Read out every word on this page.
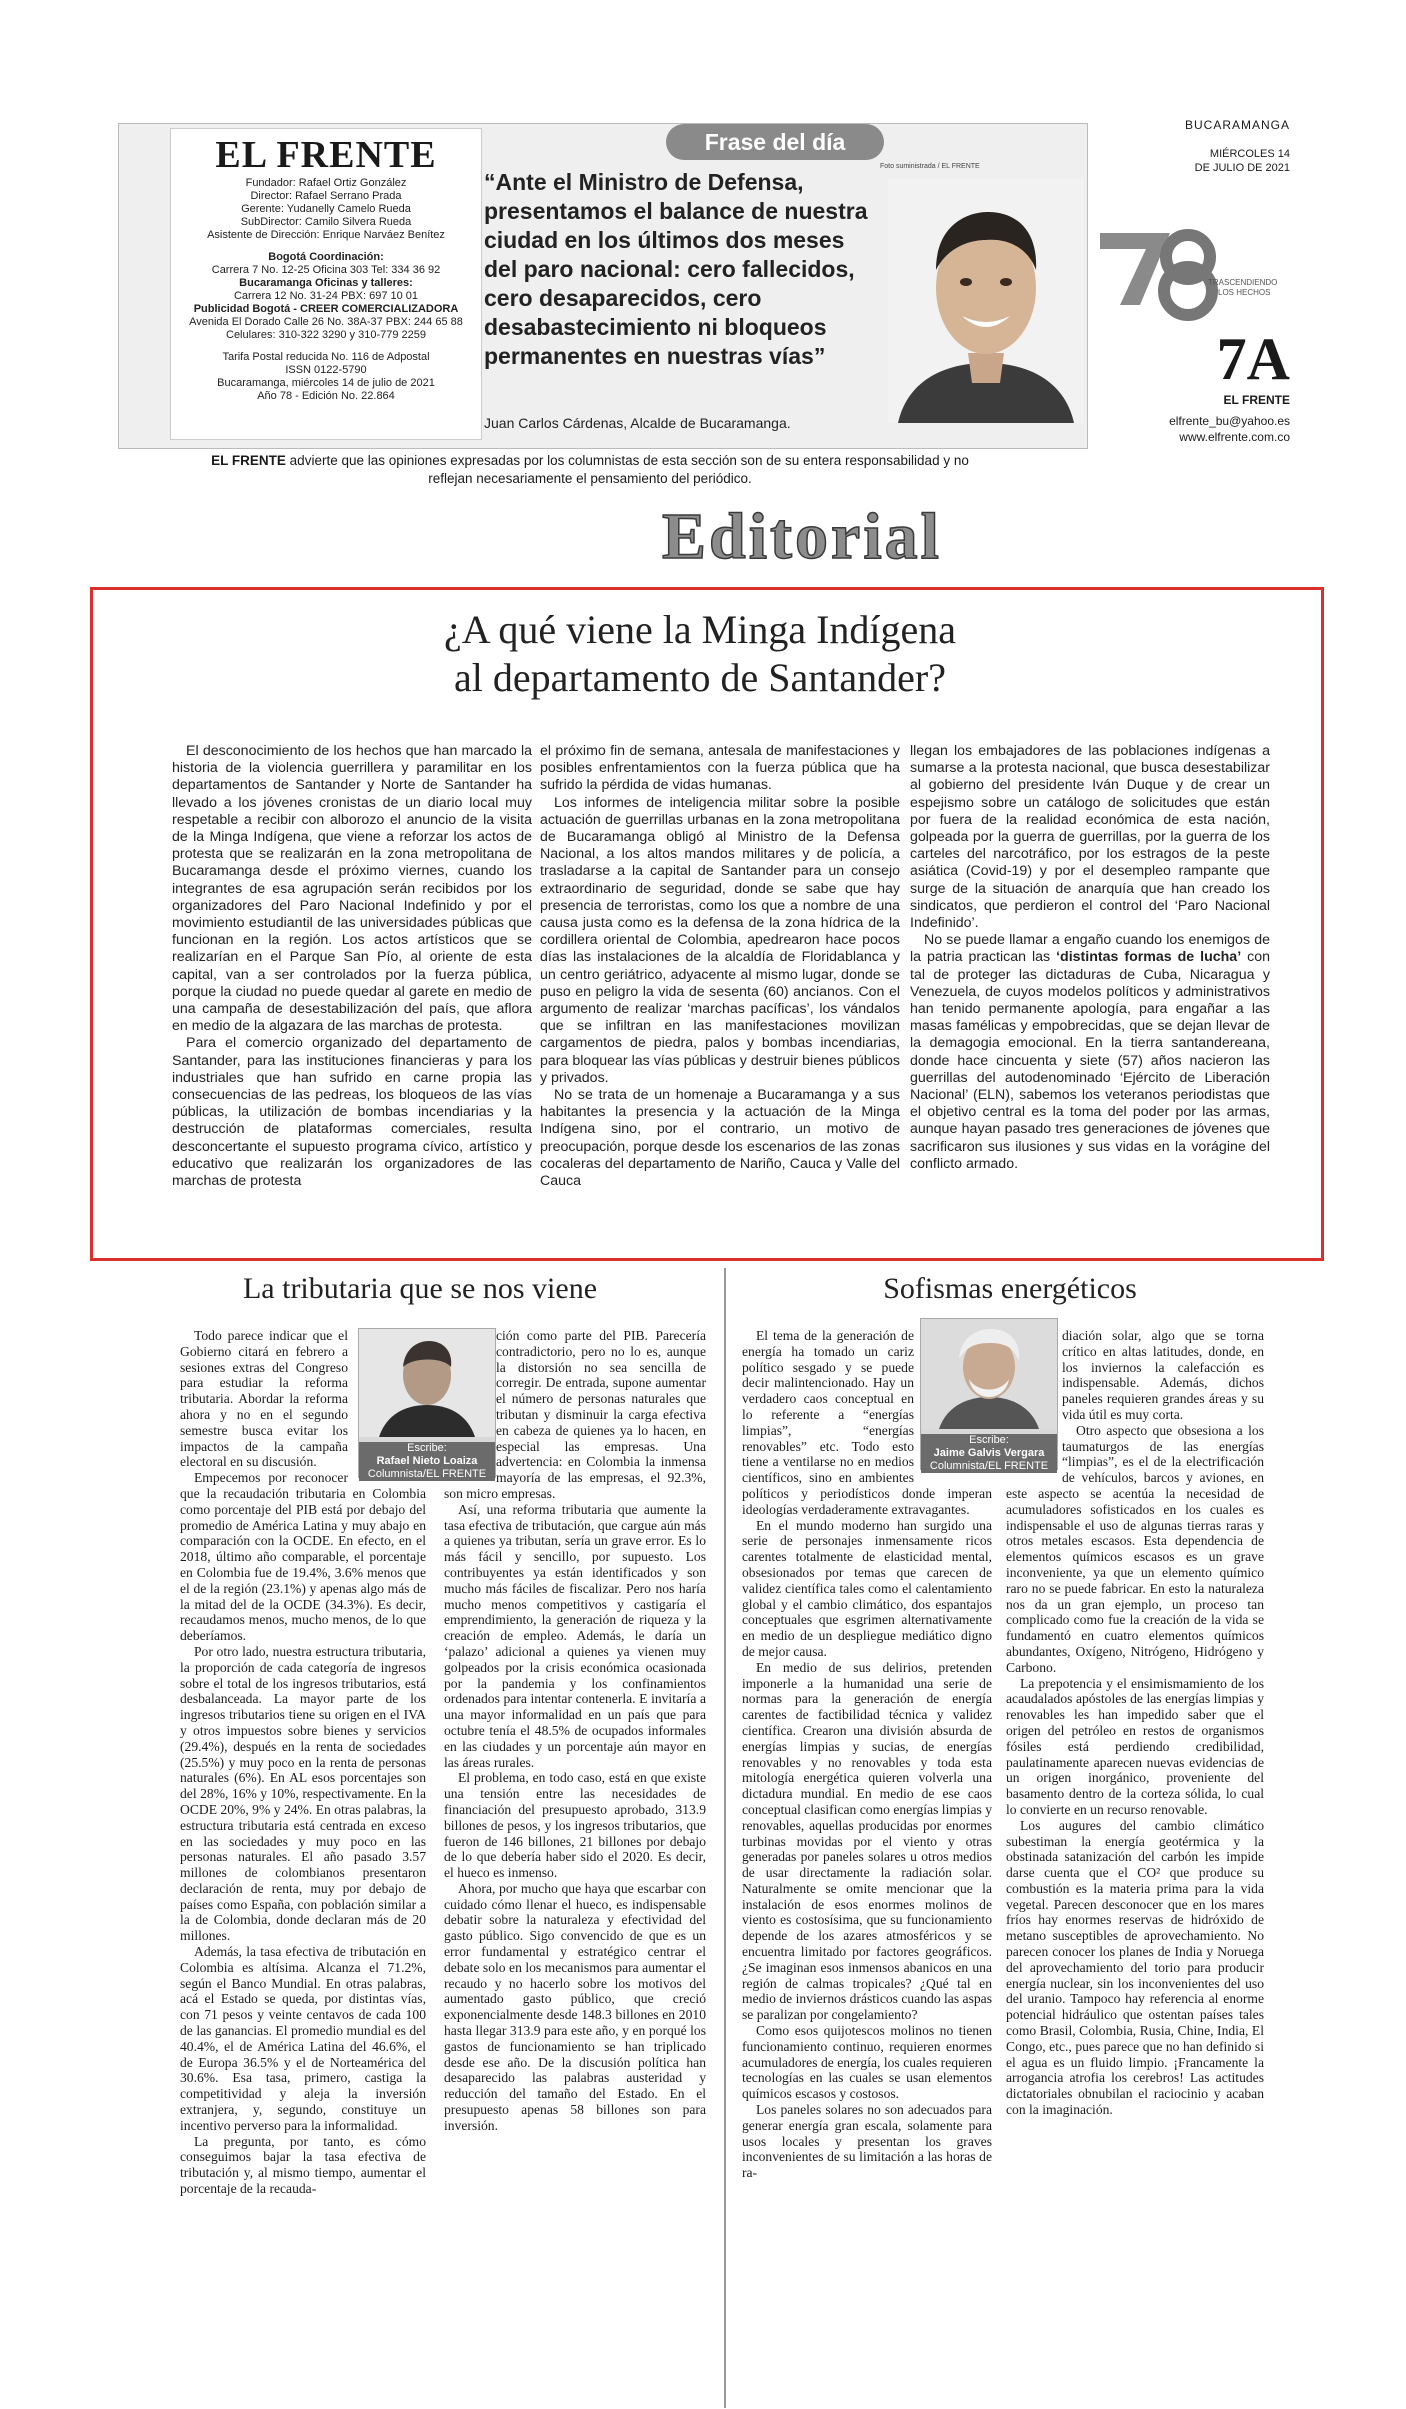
EL FRENTE

Fundador: Rafael Ortiz González

Director: Rafael Serrano Prada

Gerente: Yudanelly Camelo Rueda

SubDirector: Camilo Silvera Rueda

Asistente de Dirección: Enrique Narváez Benítez

Bogotá Coordinación:

Carrera 7 No. 12-25 Oficina 303 Tel: 334 36 92

Bucaramanga Oficinas y talleres:

Carrera 12 No. 31-24 PBX: 697 10 01

Publicidad Bogotá - CREER COMERCIALIZADORA

Avenida El Dorado Calle 26 No. 38A-37 PBX: 244 65 88

Celulares: 310-322 3290 y 310-779 2259

Tarifa Postal reducida No. 116 de Adpostal

ISSN 0122-5790

Bucaramanga, miércoles 14 de julio de 2021

Año 78 - Edición No. 22.864

Frase del día
Foto suministrada / EL FRENTE
“Ante el Ministro de Defensa, presentamos el balance de nuestra ciudad en los últimos dos meses del paro nacional: cero fallecidos, cero desaparecidos, cero desabastecimiento ni bloqueos permanentes en nuestras vías”
Juan Carlos Cárdenas, Alcalde de Bucaramanga.
BUCARAMANGA
MIÉRCOLES 14
DE JULIO DE 2021
TRASCENDIENDO
LOS HECHOS
7A
EL FRENTE
elfrente_bu@yahoo.es
www.elfrente.com.co
EL FRENTE advierte que las opiniones expresadas por los columnistas de esta sección son de su entera responsabilidad y no reflejan necesariamente el pensamiento del periódico.
Editorial
¿A qué viene la Minga Indígena
al departamento de Santander?

El desconocimiento de los hechos que han marcado la historia de la violencia guerrillera y paramilitar en los departamentos de Santander y Norte de Santander ha llevado a los jóvenes cronistas de un diario local muy respetable a recibir con alborozo el anuncio de la visita de la Minga Indígena, que viene a reforzar los actos de protesta que se realizarán en la zona metropolitana de Bucaramanga desde el próximo viernes, cuando los integrantes de esa agrupación serán recibidos por los organizadores del Paro Nacional Indefinido y por el movimiento estudiantil de las universidades públicas que funcionan en la región. Los actos artísticos que se realizarían en el Parque San Pío, al oriente de esta capital, van a ser controlados por la fuerza pública, porque la ciudad no puede quedar al garete en medio de una campaña de desestabilización del país, que aflora en medio de la algazara de las marchas de protesta.

Para el comercio organizado del departamento de Santander, para las instituciones financieras y para los industriales que han sufrido en carne propia las consecuencias de las pedreas, los bloqueos de las vías públicas, la utilización de bombas incendiarias y la destrucción de plataformas comerciales, resulta desconcertante el supuesto programa cívico, artístico y educativo que realizarán los organizadores de las marchas de protesta

el próximo fin de semana, antesala de manifestaciones y posibles enfrentamientos con la fuerza pública que ha sufrido la pérdida de vidas humanas.

Los informes de inteligencia militar sobre la posible actuación de guerrillas urbanas en la zona metropolitana de Bucaramanga obligó al Ministro de la Defensa Nacional, a los altos mandos militares y de policía, a trasladarse a la capital de Santander para un consejo extraordinario de seguridad, donde se sabe que hay presencia de terroristas, como los que a nombre de una causa justa como es la defensa de la zona hídrica de la cordillera oriental de Colombia, apedrearon hace pocos días las instalaciones de la alcaldía de Floridablanca y un centro geriátrico, adyacente al mismo lugar, donde se puso en peligro la vida de sesenta (60) ancianos. Con el argumento de realizar ‘marchas pacíficas’, los vándalos que se infiltran en las manifestaciones movilizan cargamentos de piedra, palos y bombas incendiarias, para bloquear las vías públicas y destruir bienes públicos y privados.

No se trata de un homenaje a Bucaramanga y a sus habitantes la presencia y la actuación de la Minga Indígena sino, por el contrario, un motivo de preocupación, porque desde los escenarios de las zonas cocaleras del departamento de Nariño, Cauca y Valle del Cauca

llegan los embajadores de las poblaciones indígenas a sumarse a la protesta nacional, que busca desestabilizar al gobierno del presidente Iván Duque y de crear un espejismo sobre un catálogo de solicitudes que están por fuera de la realidad económica de esta nación, golpeada por la guerra de guerrillas, por la guerra de los carteles del narcotráfico, por los estragos de la peste asiática (Covid-19) y por el desempleo rampante que surge de la situación de anarquía que han creado los sindicatos, que perdieron el control del ‘Paro Nacional Indefinido’.

No se puede llamar a engaño cuando los enemigos de la patria practican las ‘distintas formas de lucha’ con tal de proteger las dictaduras de Cuba, Nicaragua y Venezuela, de cuyos modelos políticos y administrativos han tenido permanente apología, para engañar a las masas famélicas y empobrecidas, que se dejan llevar de la demagogia emocional. En la tierra santandereana, donde hace cincuenta y siete (57) años nacieron las guerrillas del autodenominado ‘Ejército de Liberación Nacional’ (ELN), sabemos los veteranos periodistas que el objetivo central es la toma del poder por las armas, aunque hayan pasado tres generaciones de jóvenes que sacrificaron sus ilusiones y sus vidas en la vorágine del conflicto armado.

La tributaria que se nos viene
Escribe:
Rafael Nieto Loaiza
Columnista/EL FRENTE

Todo parece indicar que el Gobierno citará en febrero a sesiones extras del Congreso para estudiar la reforma tributaria. Abordar la reforma ahora y no en el segundo semestre busca evitar los impactos de la campaña electoral en su discusión.

Empecemos por reconocer que la recaudación tributaria en Colombia como porcentaje del PIB está por debajo del promedio de América Latina y muy abajo en comparación con la OCDE. En efecto, en el 2018, último año comparable, el porcentaje en Colombia fue de 19.4%, 3.6% menos que el de la región (23.1%) y apenas algo más de la mitad del de la OCDE (34.3%). Es decir, recaudamos menos, mucho menos, de lo que deberíamos.

Por otro lado, nuestra estructura tributaria, la proporción de cada categoría de ingresos sobre el total de los ingresos tributarios, está desbalanceada. La mayor parte de los ingresos tributarios tiene su origen en el IVA y otros impuestos sobre bienes y servicios (29.4%), después en la renta de sociedades (25.5%) y muy poco en la renta de personas naturales (6%). En AL esos porcentajes son del 28%, 16% y 10%, respectivamente. En la OCDE 20%, 9% y 24%. En otras palabras, la estructura tributaria está centrada en exceso en las sociedades y muy poco en las personas naturales. El año pasado 3.57 millones de colombianos presentaron declaración de renta, muy por debajo de países como España, con población similar a la de Colombia, donde declaran más de 20 millones.

Además, la tasa efectiva de tributación en Colombia es altísima. Alcanza el 71.2%, según el Banco Mundial. En otras palabras, acá el Estado se queda, por distintas vías, con 71 pesos y veinte centavos de cada 100 de las ganancias. El promedio mundial es del 40.4%, el de América Latina del 46.6%, el de Europa 36.5% y el de Norteamérica del 30.6%. Esa tasa, primero, castiga la competitividad y aleja la inversión extranjera, y, segundo, constituye un incentivo perverso para la informalidad.

La pregunta, por tanto, es cómo conseguimos bajar la tasa efectiva de tributación y, al mismo tiempo, aumentar el porcentaje de la recauda-

ción como parte del PIB. Parecería contradictorio, pero no lo es, aunque la distorsión no sea sencilla de corregir. De entrada, supone aumentar el número de personas naturales que tributan y disminuir la carga efectiva en cabeza de quienes ya lo hacen, en especial las empresas. Una advertencia: en Colombia la inmensa mayoría de las empresas, el 92.3%, son micro empresas.

Así, una reforma tributaria que aumente la tasa efectiva de tributación, que cargue aún más a quienes ya tributan, sería un grave error. Es lo más fácil y sencillo, por supuesto. Los contribuyentes ya están identificados y son mucho más fáciles de fiscalizar. Pero nos haría mucho menos competitivos y castigaría el emprendimiento, la generación de riqueza y la creación de empleo. Además, le daría un ‘palazo’ adicional a quienes ya vienen muy golpeados por la crisis económica ocasionada por la pandemia y los confinamientos ordenados para intentar contenerla. E invitaría a una mayor informalidad en un país que para octubre tenía el 48.5% de ocupados informales en las ciudades y un porcentaje aún mayor en las áreas rurales.

El problema, en todo caso, está en que existe una tensión entre las necesidades de financiación del presupuesto aprobado, 313.9 billones de pesos, y los ingresos tributarios, que fueron de 146 billones, 21 billones por debajo de lo que debería haber sido el 2020. Es decir, el hueco es inmenso.

Ahora, por mucho que haya que escarbar con cuidado cómo llenar el hueco, es indispensable debatir sobre la naturaleza y efectividad del gasto público. Sigo convencido de que es un error fundamental y estratégico centrar el debate solo en los mecanismos para aumentar el recaudo y no hacerlo sobre los motivos del aumentado gasto público, que creció exponencialmente desde 148.3 billones en 2010 hasta llegar 313.9 para este año, y en porqué los gastos de funcionamiento se han triplicado desde ese año. De la discusión política han desaparecido las palabras austeridad y reducción del tamaño del Estado. En el presupuesto apenas 58 billones son para inversión.

Sofismas energéticos
Escribe:
Jaime Galvis Vergara
Columnista/EL FRENTE

El tema de la generación de energía ha tomado un cariz político sesgado y se puede decir malintencionado. Hay un verdadero caos conceptual en lo referente a “energías limpias”, “energías renovables” etc. Todo esto tiene a ventilarse no en medios científicos, sino en ambientes políticos y periodísticos donde imperan ideologías verdaderamente extravagantes.

En el mundo moderno han surgido una serie de personajes inmensamente ricos carentes totalmente de elasticidad mental, obsesionados por temas que carecen de validez científica tales como el calentamiento global y el cambio climático, dos espantajos conceptuales que esgrimen alternativamente en medio de un despliegue mediático digno de mejor causa.

En medio de sus delirios, pretenden imponerle a la humanidad una serie de normas para la generación de energía carentes de factibilidad técnica y validez científica. Crearon una división absurda de energías limpias y sucias, de energías renovables y no renovables y toda esta mitología energética quieren volverla una dictadura mundial. En medio de ese caos conceptual clasifican como energías limpias y renovables, aquellas producidas por enormes turbinas movidas por el viento y otras generadas por paneles solares u otros medios de usar directamente la radiación solar. Naturalmente se omite mencionar que la instalación de esos enormes molinos de viento es costosísima, que su funcionamiento depende de los azares atmosféricos y se encuentra limitado por factores geográficos. ¿Se imaginan esos inmensos abanicos en una región de calmas tropicales? ¿Qué tal en medio de inviernos drásticos cuando las aspas se paralizan por congelamiento?

Como esos quijotescos molinos no tienen funcionamiento continuo, requieren enormes acumuladores de energía, los cuales requieren tecnologías en las cuales se usan elementos químicos escasos y costosos.

Los paneles solares no son adecuados para generar energía gran escala, solamente para usos locales y presentan los graves inconvenientes de su limitación a las horas de ra-

diación solar, algo que se torna crítico en altas latitudes, donde, en los inviernos la calefacción es indispensable. Además, dichos paneles requieren grandes áreas y su vida útil es muy corta.

Otro aspecto que obsesiona a los taumaturgos de las energías “limpias”, es el de la electrificación de vehículos, barcos y aviones, en este aspecto se acentúa la necesidad de acumuladores sofisticados en los cuales es indispensable el uso de algunas tierras raras y otros metales escasos. Esta dependencia de elementos químicos escasos es un grave inconveniente, ya que un elemento químico raro no se puede fabricar. En esto la naturaleza nos da un gran ejemplo, un proceso tan complicado como fue la creación de la vida se fundamentó en cuatro elementos químicos abundantes, Oxígeno, Nitrógeno, Hidrógeno y Carbono.

La prepotencia y el ensimismamiento de los acaudalados apóstoles de las energías limpias y renovables les han impedido saber que el origen del petróleo en restos de organismos fósiles está perdiendo credibilidad, paulatinamente aparecen nuevas evidencias de un origen inorgánico, proveniente del basamento dentro de la corteza sólida, lo cual lo convierte en un recurso renovable.

Los augures del cambio climático subestiman la energía geotérmica y la obstinada satanización del carbón les impide darse cuenta que el CO² que produce su combustión es la materia prima para la vida vegetal. Parecen desconocer que en los mares fríos hay enormes reservas de hidróxido de metano susceptibles de aprovechamiento. No parecen conocer los planes de India y Noruega del aprovechamiento del torio para producir energía nuclear, sin los inconvenientes del uso del uranio. Tampoco hay referencia al enorme potencial hidráulico que ostentan países tales como Brasil, Colombia, Rusia, Chine, India, El Congo, etc., pues parece que no han definido si el agua es un fluido limpio. ¡Francamente la arrogancia atrofia los cerebros! Las actitudes dictatoriales obnubilan el raciocinio y acaban con la imaginación.
